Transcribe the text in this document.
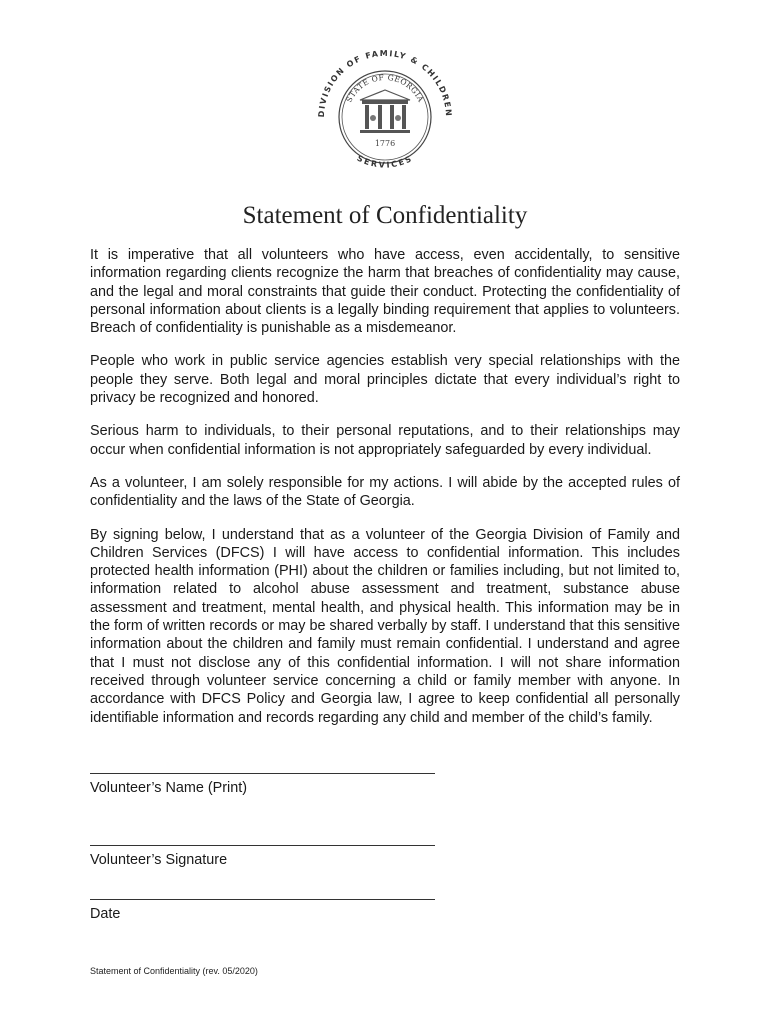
DIVISION OF FAMILY & CHILDREN
SERVICES
STATE OF GEORGIA
1776
Statement of Confidentiality

It is imperative that all volunteers who have access, even accidentally, to sensitive information regarding clients recognize the harm that breaches of confidentiality may cause, and the legal and moral constraints that guide their conduct. Protecting the confidentiality of personal information about clients is a legally binding requirement that applies to volunteers. Breach of confidentiality is punishable as a misdemeanor.

People who work in public service agencies establish very special relationships with the people they serve. Both legal and moral principles dictate that every individual’s right to privacy be recognized and honored.

Serious harm to individuals, to their personal reputations, and to their relationships may occur when confidential information is not appropriately safeguarded by every individual.

As a volunteer, I am solely responsible for my actions. I will abide by the accepted rules of confidentiality and the laws of the State of Georgia.

By signing below, I understand that as a volunteer of the Georgia Division of Family and Children Services (DFCS) I will have access to confidential information. This includes protected health information (PHI) about the children or families including, but not limited to, information related to alcohol abuse assessment and treatment, substance abuse assessment and treatment, mental health, and physical health. This information may be in the form of written records or may be shared verbally by staff. I understand that this sensitive information about the children and family must remain confidential. I understand and agree that I must not disclose any of this confidential information. I will not share information received through volunteer service concerning a child or family member with anyone. In accordance with DFCS Policy and Georgia law, I agree to keep confidential all personally identifiable information and records regarding any child and member of the child’s family.

Volunteer’s Name (Print)
Volunteer’s Signature
Date
Statement of Confidentiality (rev. 05/2020)
